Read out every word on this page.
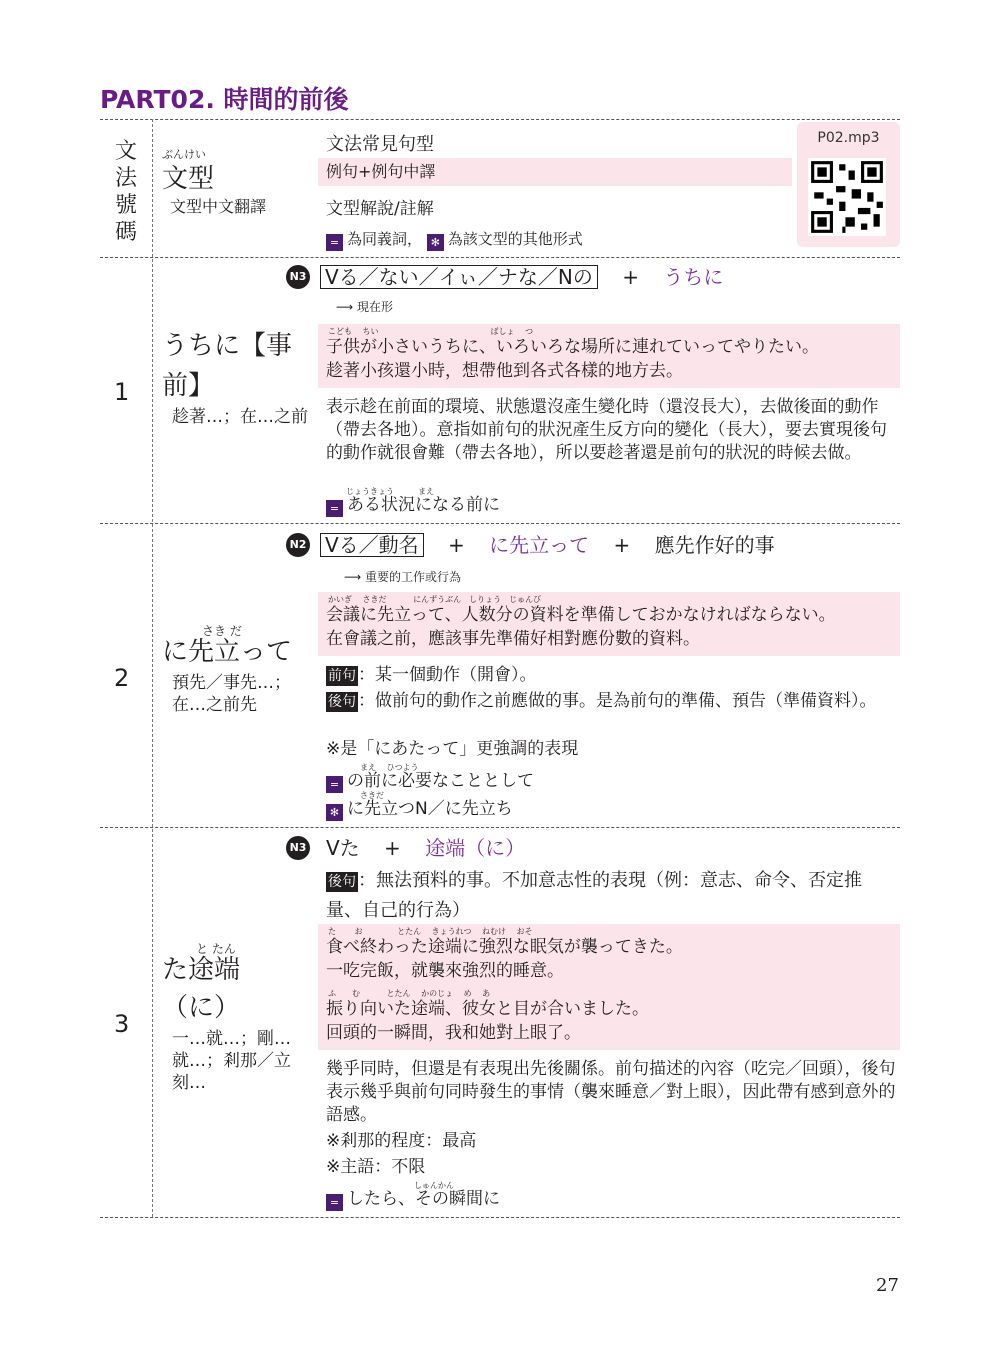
PART02. 時間的前後
文
法
號
碼
ぶんけい
文型
文型中文翻譯
文法常見句型
例句+例句中譯
文型解說/註解
= 為同義詞， ✻ 為該文型的其他形式
P02.mp3
1
N3 Vる／ない／イぃ／ナな／Nの + うちに
⟶ 現在形
うちに【事
前】
趁著…；在…之前
こども　 ちい　　　　　　　　　　　　　　ばしょ　 つ
子供が小さいうちに、いろいろな場所に連れていってやりたい。
趁著小孩還小時，想帶他到各式各樣的地方去。
表示趁在前面的環境、狀態還沒產生變化時（還沒長大），去做後面的動作（帶去各地）。意指如前句的狀況產生反方向的變化（長大），要去實現後句的動作就很會難（帶去各地），所以要趁著還是前句的狀況的時候去做。
じょうきょう　　　まえ
= ある状況になる前に
2
N2 Vる／動名 + に先立って + 應先作好的事
⟶ 重要的工作或行為
さき だ
に先立って
預先／事先…；在…之前先
かいぎ　 さきだ　　　 にんずうぶん　しりょう　じゅんび
会議に先立って、人数分の資料を準備しておかなければならない。
在會議之前，應該事先準備好相對應份數的資料。
前句 ：某一個動作（開會）。
後句 ：做前句的動作之前應做的事。是為前句的準備、預告（準備資料）。
※是「にあたって」更強調的表現
まえ　 ひつよう
= の前に必要なこととして
さきだ
✻ に先立つN／に先立ち
3
N3 Vた + 途端（に）
後句 ：無法預料的事。不加意志性的表現（例：意志、命令、否定推量、自己的行為）
と たん
た途端
（に）
一…就…；剛…就…；剎那／立刻…
た　　 お　　　　 とたん　 きょうれつ　 ねむけ　 おそ
食べ終わった途端に強烈な眠気が襲ってきた。
一吃完飯，就襲來強烈的睡意。
ふ　　む　　　 とたん　 かのじょ　 め　 あ
振り向いた途端、彼女と目が合いました。
回頭的一瞬間，我和她對上眼了。
幾乎同時，但還是有表現出先後關係。前句描述的內容（吃完／回頭），後句表示幾乎與前句同時發生的事情（襲來睡意／對上眼），因此帶有感到意外的語感。
※剎那的程度：最高
※主語：不限
しゅんかん
= したら、その瞬間に
27
